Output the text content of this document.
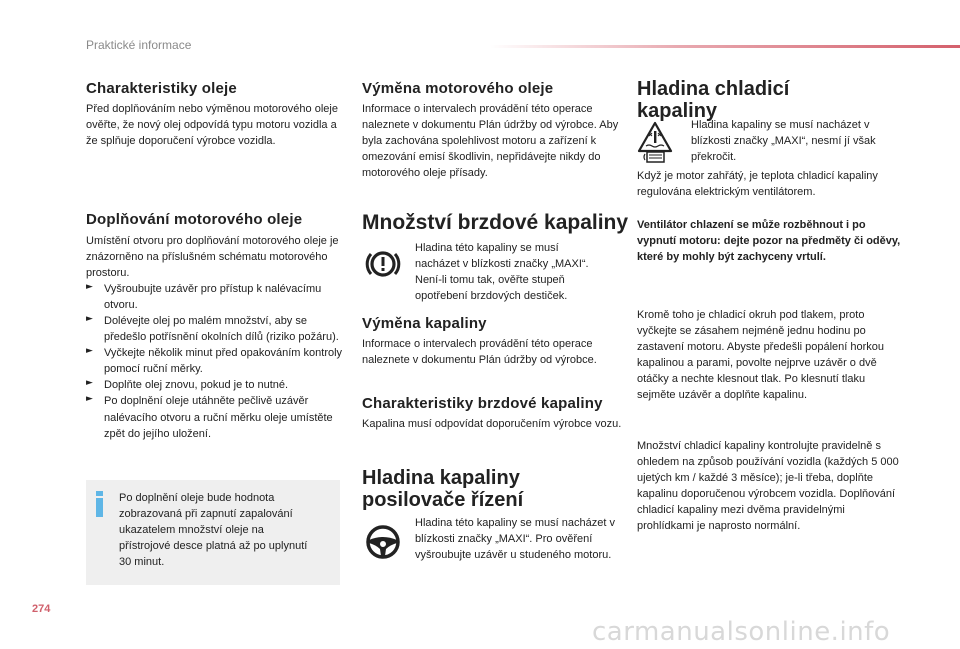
Praktické informace
Charakteristiky oleje
Před doplňováním nebo výměnou motorového oleje ověřte, že nový olej odpovídá typu motoru vozidla a že splňuje doporučení výrobce vozidla.
Doplňování motorového oleje

Umístění otvoru pro doplňování motorového oleje je znázorněno na příslušném schématu motorového prostoru.

► Vyšroubujte uzávěr pro přístup k nalévacímu otvoru.
► Dolévejte olej po malém množství, aby se předešlo potřísnění okolních dílů (riziko požáru).
► Vyčkejte několik minut před opakováním kontroly pomocí ruční měrky.
► Doplňte olej znovu, pokud je to nutné.
► Po doplnění oleje utáhněte pečlivě uzávěr nalévacího otvoru a ruční měrku oleje umístěte zpět do jejího uložení.
Po doplnění oleje bude hodnota zobrazovaná při zapnutí zapalování ukazatelem množství oleje na přístrojové desce platná až po uplynutí 30 minut.
Výměna motorového oleje
Informace o intervalech provádění této operace naleznete v dokumentu Plán údržby od výrobce. Aby byla zachována spolehlivost motoru a zařízení k omezování emisí škodlivin, nepřidávejte nikdy do motorového oleje přísady.
Množství brzdové kapaliny
Hladina této kapaliny se musí nacházet v blízkosti značky „MAXI“. Není-li tomu tak, ověřte stupeň opotřebení brzdových destiček.
Výměna kapaliny
Informace o intervalech provádění této operace naleznete v dokumentu Plán údržby od výrobce.
Charakteristiky brzdové kapaliny
Kapalina musí odpovídat doporučením výrobce vozu.
Hladina kapaliny posilovače řízení
Hladina této kapaliny se musí nacházet v blízkosti značky „MAXI“. Pro ověření vyšroubujte uzávěr u studeného motoru.
Hladina chladicí kapaliny
Hladina kapaliny se musí nacházet v blízkosti značky „MAXI“, nesmí jí však překročit.
Když je motor zahřátý, je teplota chladicí kapaliny regulována elektrickým ventilátorem.
Ventilátor chlazení se může rozběhnout i po vypnutí motoru: dejte pozor na předměty či oděvy, které by mohly být zachyceny vrtulí.
Kromě toho je chladicí okruh pod tlakem, proto vyčkejte se zásahem nejméně jednu hodinu po zastavení motoru. Abyste předešli popálení horkou kapalinou a parami, povolte nejprve uzávěr o dvě otáčky a nechte klesnout tlak. Po klesnutí tlaku sejměte uzávěr a doplňte kapalinu.
Množství chladicí kapaliny kontrolujte pravidelně s ohledem na způsob používání vozidla (každých 5 000 ujetých km / každé 3 měsíce); je-li třeba, doplňte kapalinu doporučenou výrobcem vozidla. Doplňování chladicí kapaliny mezi dvěma pravidelnými prohlídkami je naprosto normální.
274
carmanualsonline.info
